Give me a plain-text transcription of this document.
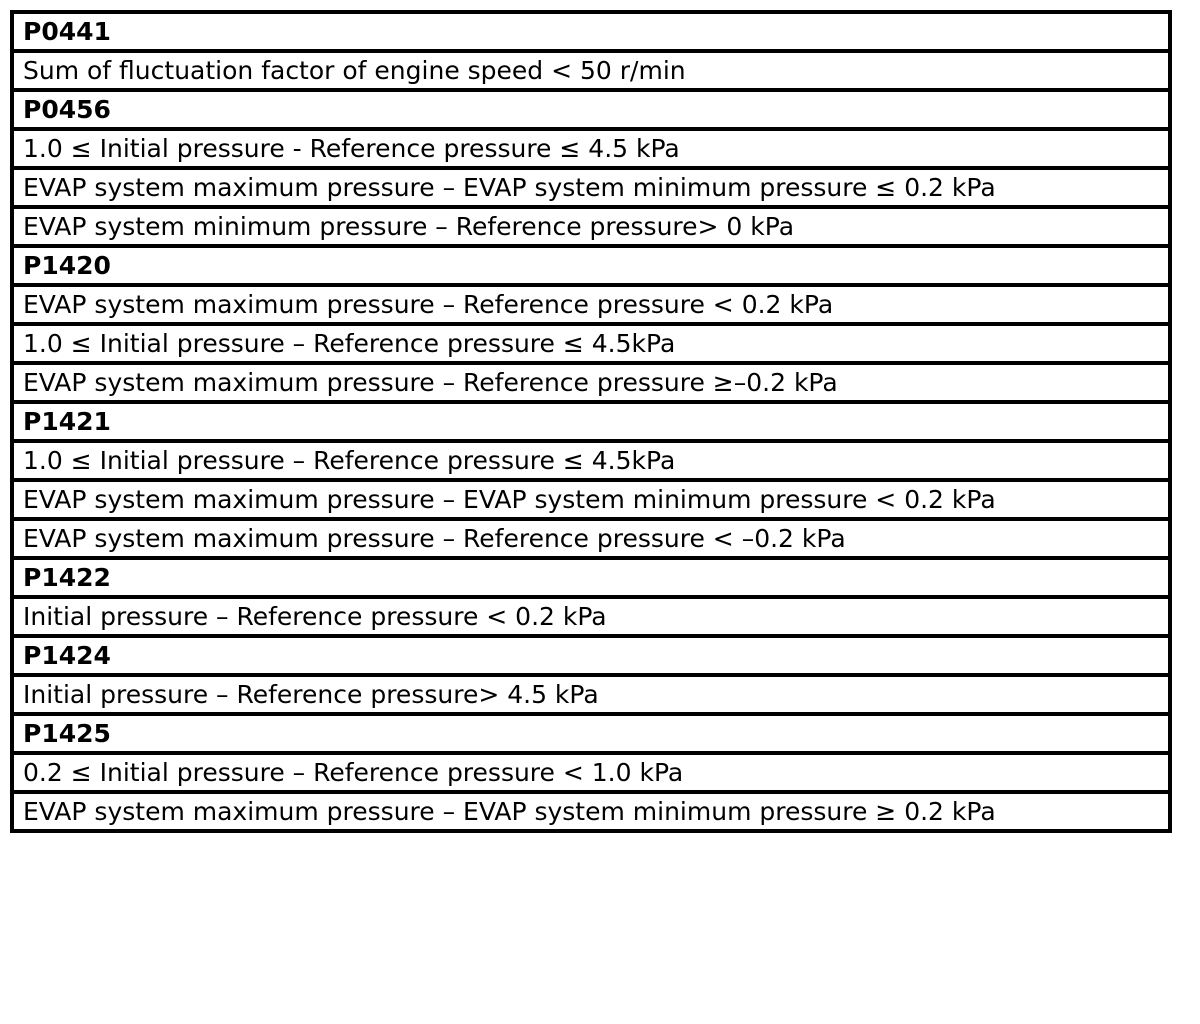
P0441
Sum of fluctuation factor of engine speed < 50 r/min
P0456
1.0 ≤ Initial pressure - Reference pressure ≤ 4.5 kPa
EVAP system maximum pressure – EVAP system minimum pressure ≤ 0.2 kPa
EVAP system minimum pressure – Reference pressure> 0 kPa
P1420
EVAP system maximum pressure – Reference pressure < 0.2 kPa
1.0 ≤ Initial pressure – Reference pressure ≤ 4.5kPa
EVAP system maximum pressure – Reference pressure ≥–0.2 kPa
P1421
1.0 ≤ Initial pressure – Reference pressure ≤ 4.5kPa
EVAP system maximum pressure – EVAP system minimum pressure < 0.2 kPa
EVAP system maximum pressure – Reference pressure < –0.2 kPa
P1422
Initial pressure – Reference pressure < 0.2 kPa
P1424
Initial pressure – Reference pressure> 4.5 kPa
P1425
0.2 ≤ Initial pressure – Reference pressure < 1.0 kPa
EVAP system maximum pressure – EVAP system minimum pressure ≥ 0.2 kPa
